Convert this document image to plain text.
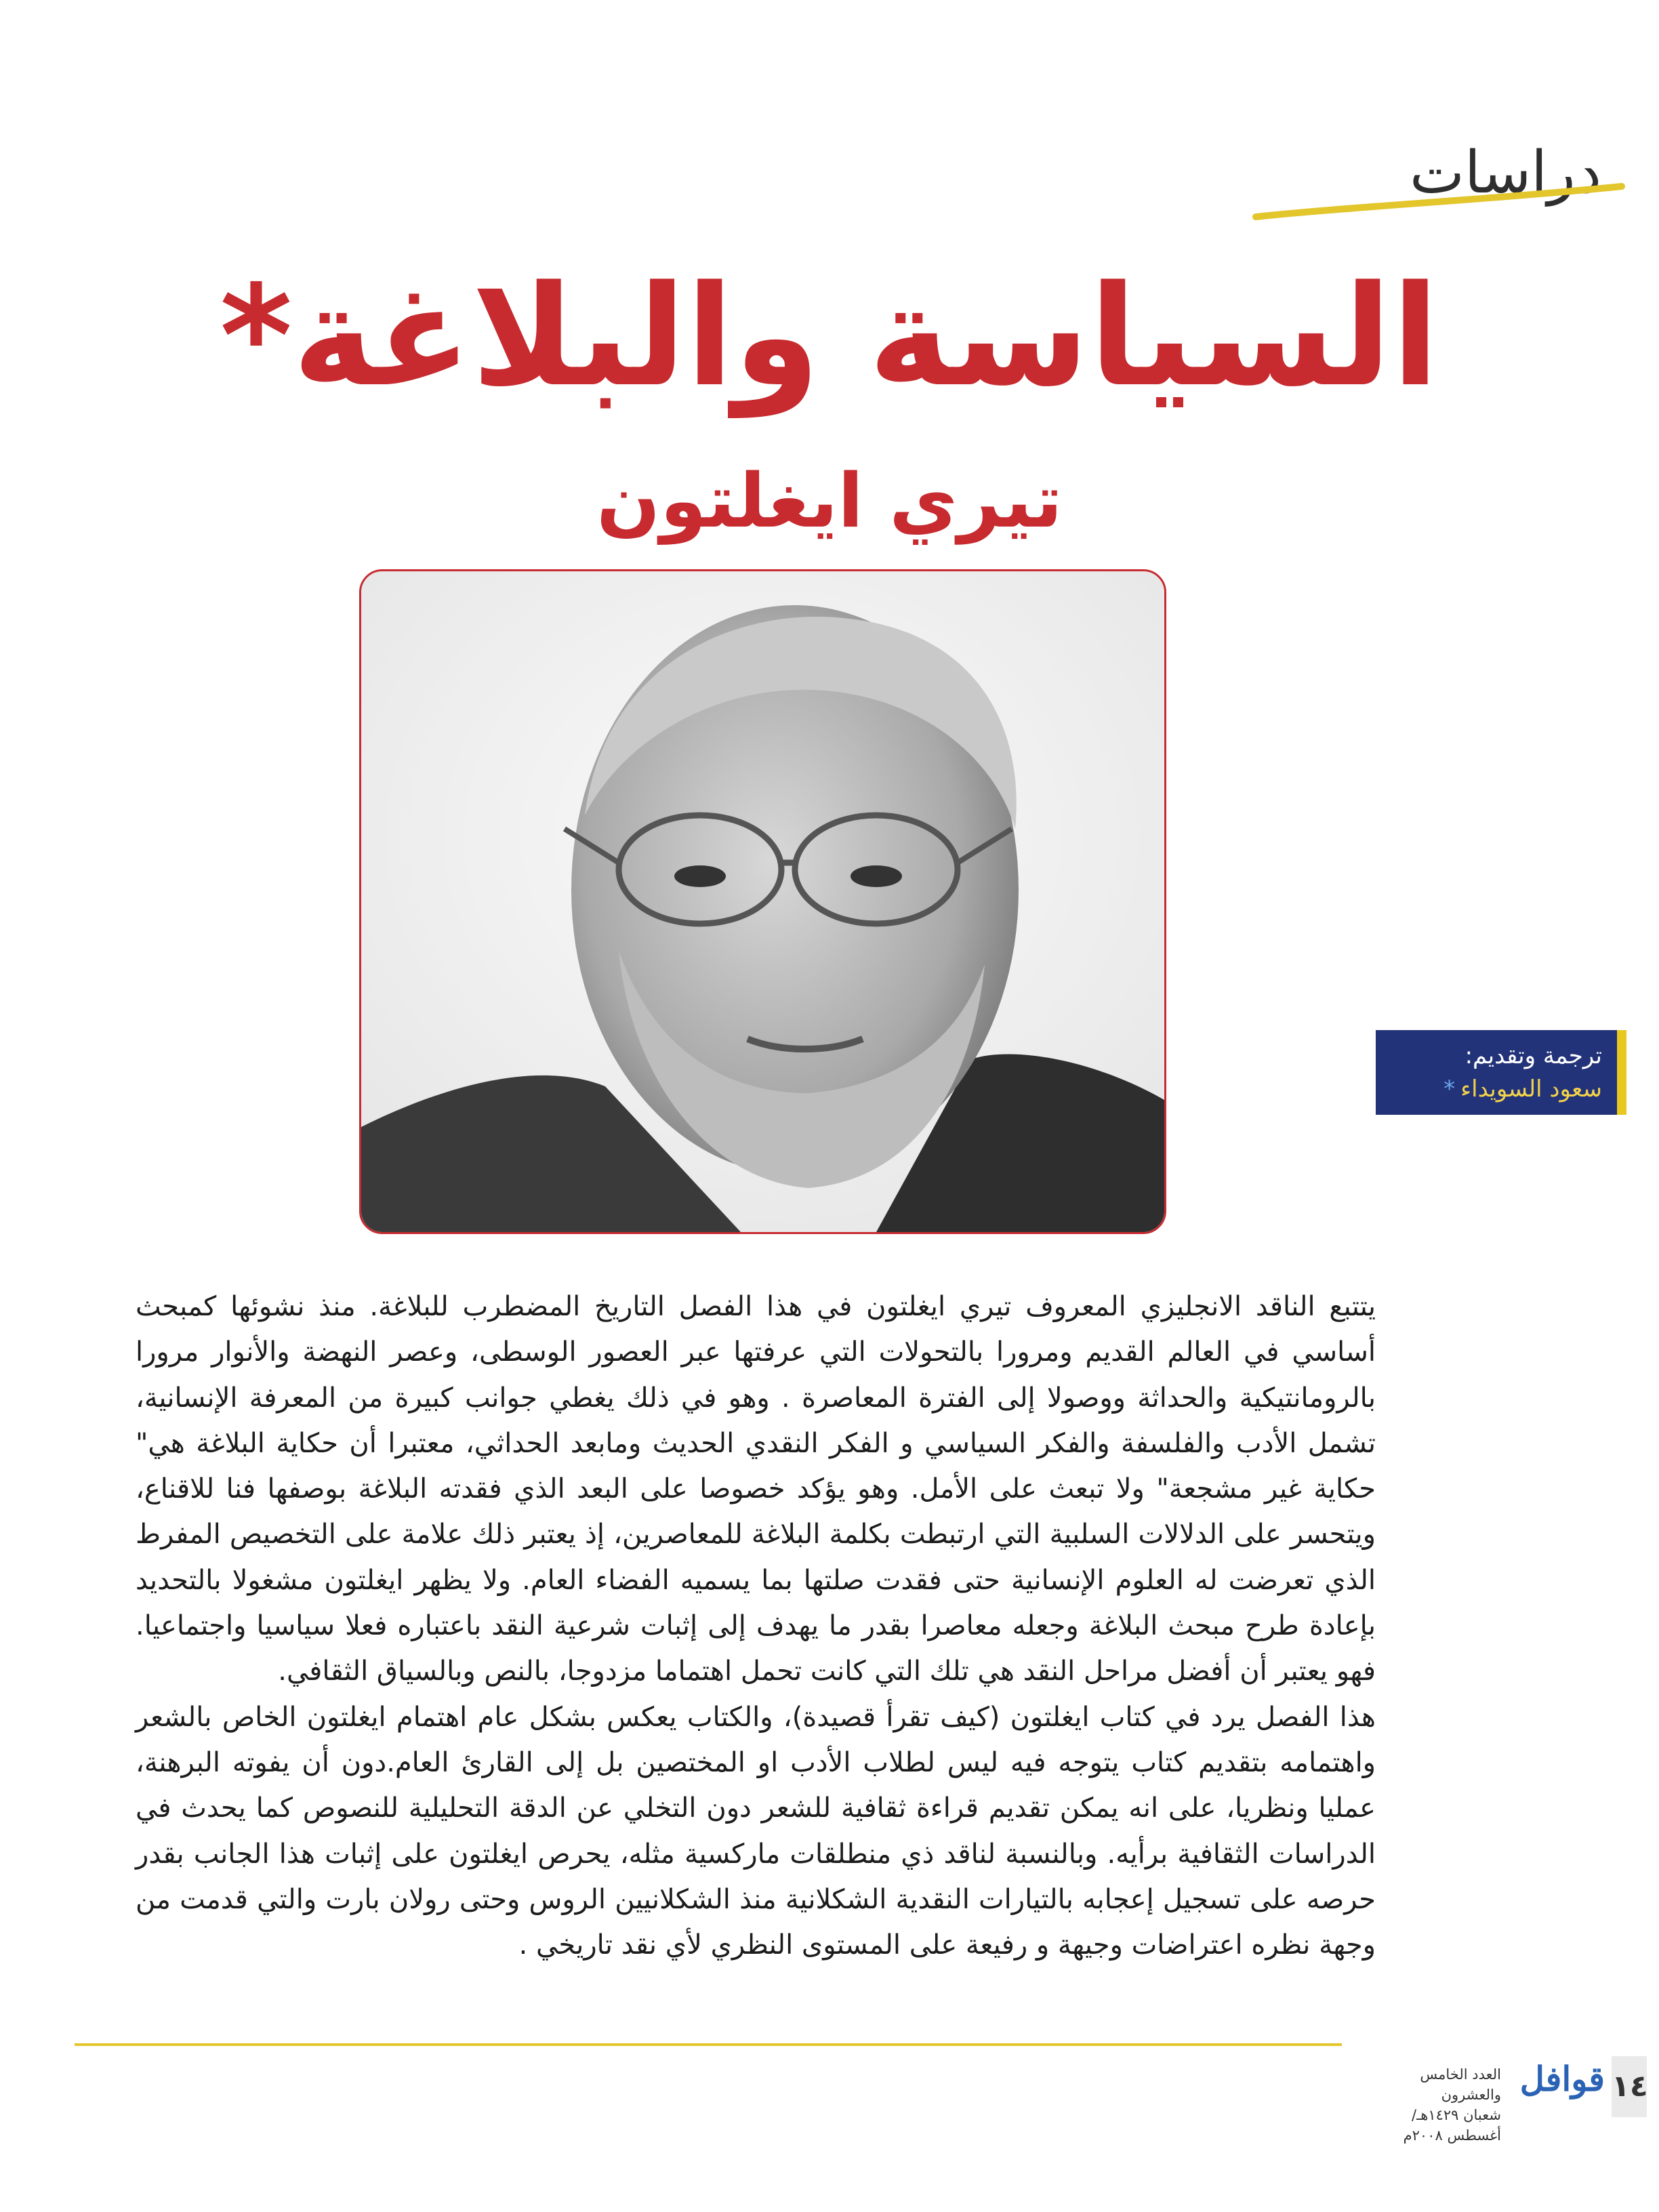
دراسات
السياسة والبلاغة*
تيري ايغلتون
ترجمة وتقديم:
سعود السويداء*

يتتبع الناقد الانجليزي المعروف تيري ايغلتون في هذا الفصل التاريخ المضطرب للبلاغة. منذ نشوئها كمبحث أساسي في العالم القديم ومرورا بالتحولات التي عرفتها عبر العصور الوسطى، وعصر النهضة والأنوار مرورا بالرومانتيكية والحداثة ووصولا إلى الفترة المعاصرة . وهو في ذلك يغطي جوانب كبيرة من المعرفة الإنسانية، تشمل الأدب والفلسفة والفكر السياسي و الفكر النقدي الحديث ومابعد الحداثي، معتبرا أن حكاية البلاغة هي" حكاية غير مشجعة" ولا تبعث على الأمل. وهو يؤكد خصوصا على البعد الذي فقدته البلاغة بوصفها فنا للاقناع، ويتحسر على الدلالات السلبية التي ارتبطت بكلمة البلاغة للمعاصرين، إذ يعتبر ذلك علامة على التخصيص المفرط الذي تعرضت له العلوم الإنسانية حتى فقدت صلتها بما يسميه الفضاء العام. ولا يظهر ايغلتون مشغولا بالتحديد بإعادة طرح مبحث البلاغة وجعله معاصرا بقدر ما يهدف إلى إثبات شرعية النقد باعتباره فعلا سياسيا واجتماعيا. فهو يعتبر أن أفضل مراحل النقد هي تلك التي كانت تحمل اهتماما مزدوجا، بالنص وبالسياق الثقافي.

هذا الفصل يرد في كتاب ايغلتون (كيف تقرأ قصيدة)، والكتاب يعكس بشكل عام اهتمام ايغلتون الخاص بالشعر واهتمامه بتقديم كتاب يتوجه فيه ليس لطلاب الأدب او المختصين بل إلى القارئ العام.دون أن يفوته البرهنة، عمليا ونظريا، على انه يمكن تقديم قراءة ثقافية للشعر دون التخلي عن الدقة التحليلية للنصوص كما يحدث في الدراسات الثقافية برأيه. وبالنسبة لناقد ذي منطلقات ماركسية مثله، يحرص ايغلتون على إثبات هذا الجانب بقدر حرصه على تسجيل إعجابه بالتيارات النقدية الشكلانية منذ الشكلانيين الروس وحتى رولان بارت والتي قدمت من وجهة نظره اعتراضات وجيهة و رفيعة على المستوى النظري لأي نقد تاريخي .

١٤
قوافل
العدد الخامس والعشرون
شعبان ١٤٢٩هـ/ أغسطس ٢٠٠٨م
